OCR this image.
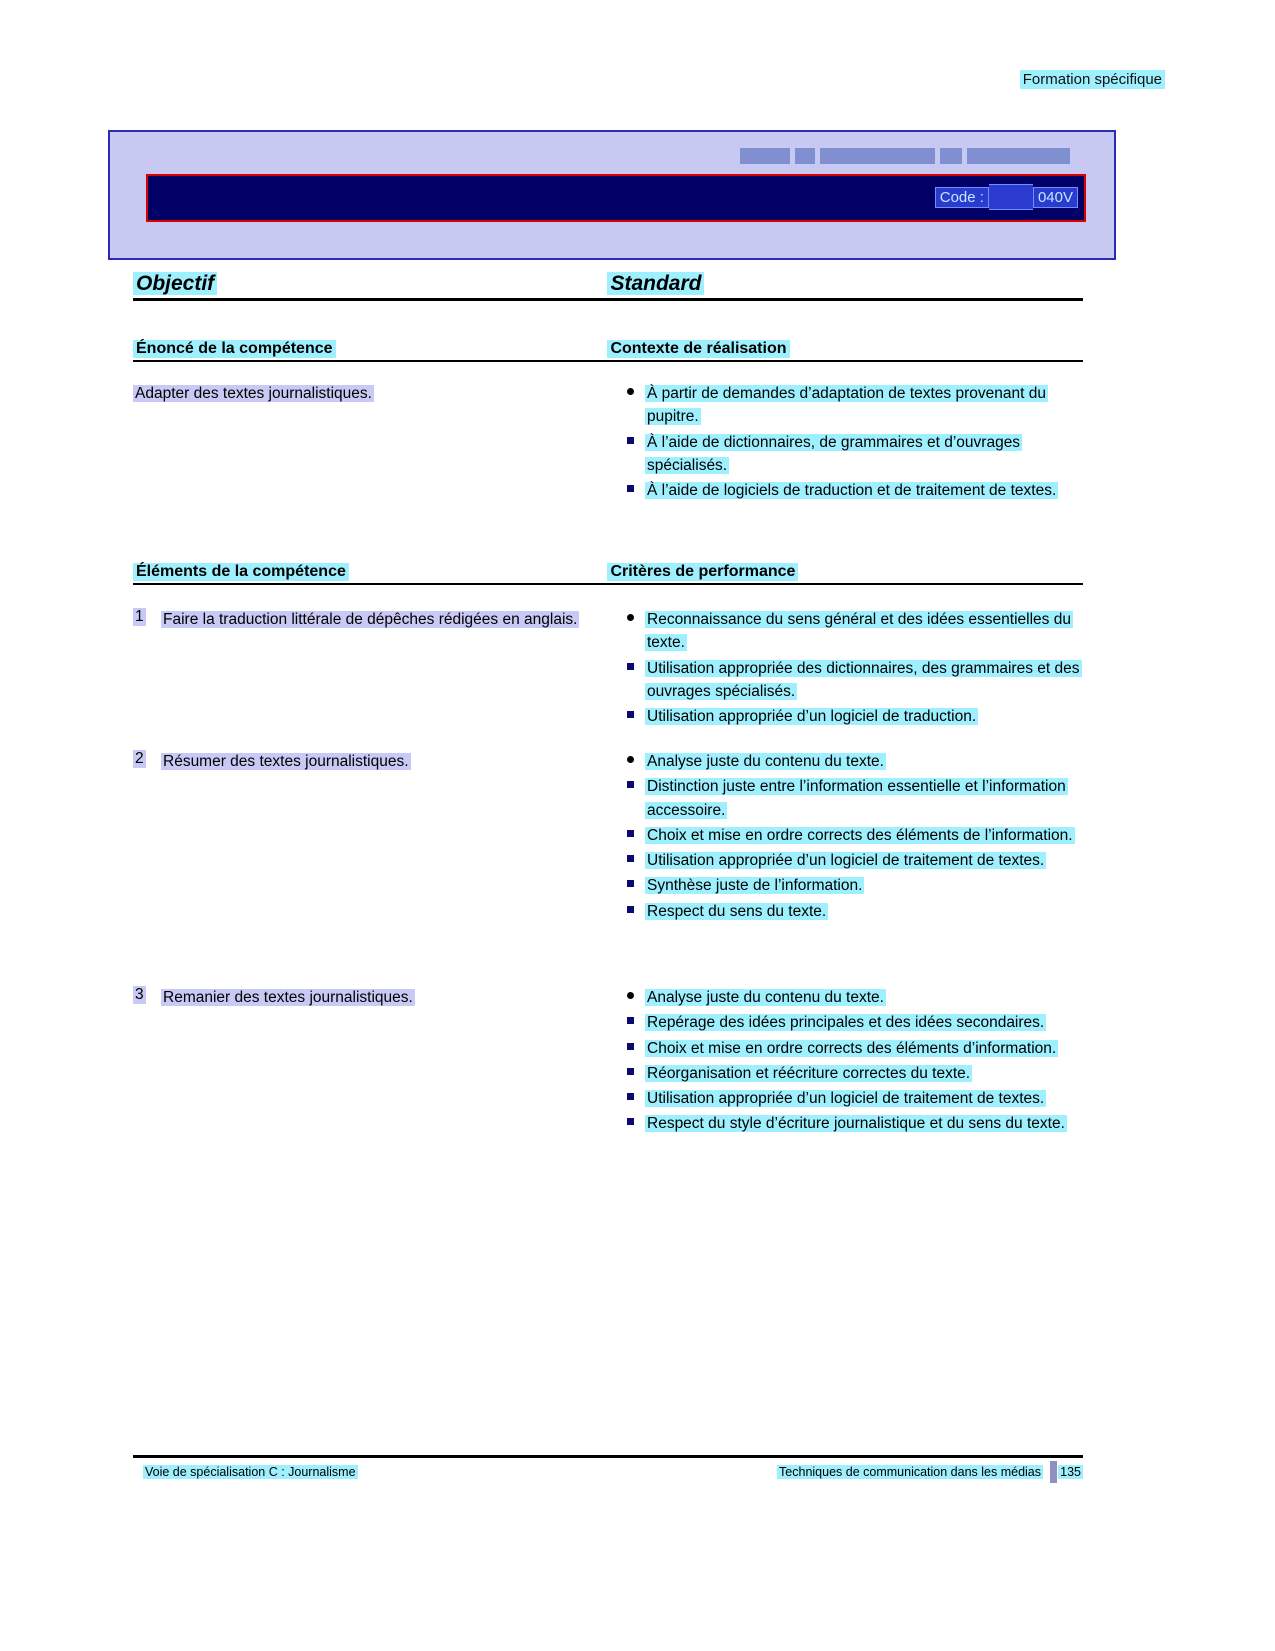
Formation spécifique
Code :	040V
Objectif	Standard
Énoncé de la compétence	Contexte de réalisation
Adapter des textes journalistiques.	À partir de demandes d’adaptation de textes provenant du pupitre.
À l’aide de dictionnaires, de grammaires et d’ouvrages spécialisés.
À l’aide de logiciels de traduction et de traitement de textes.
Éléments de la compétence	Critères de performance
1 Faire la traduction littérale de dépêches rédigées en anglais.	Reconnaissance du sens général et des idées essentielles du texte.
Utilisation appropriée des dictionnaires, des grammaires et des ouvrages spécialisés.
Utilisation appropriée d’un logiciel de traduction.
2 Résumer des textes journalistiques.	Analyse juste du contenu du texte.
Distinction juste entre l’information essentielle et l’information accessoire.
Choix et mise en ordre corrects des éléments de l’information.
Utilisation appropriée d’un logiciel de traitement de textes.
Synthèse juste de l’information.
Respect du sens du texte.
3 Remanier des textes journalistiques.	Analyse juste du contenu du texte.
Repérage des idées principales et des idées secondaires.
Choix et mise en ordre corrects des éléments d’information.
Réorganisation et réécriture correctes du texte.
Utilisation appropriée d’un logiciel de traitement de textes.
Respect du style d’écriture journalistique et du sens du texte.
Voie de spécialisation C : Journalisme	Techniques de communication dans les médias 135
